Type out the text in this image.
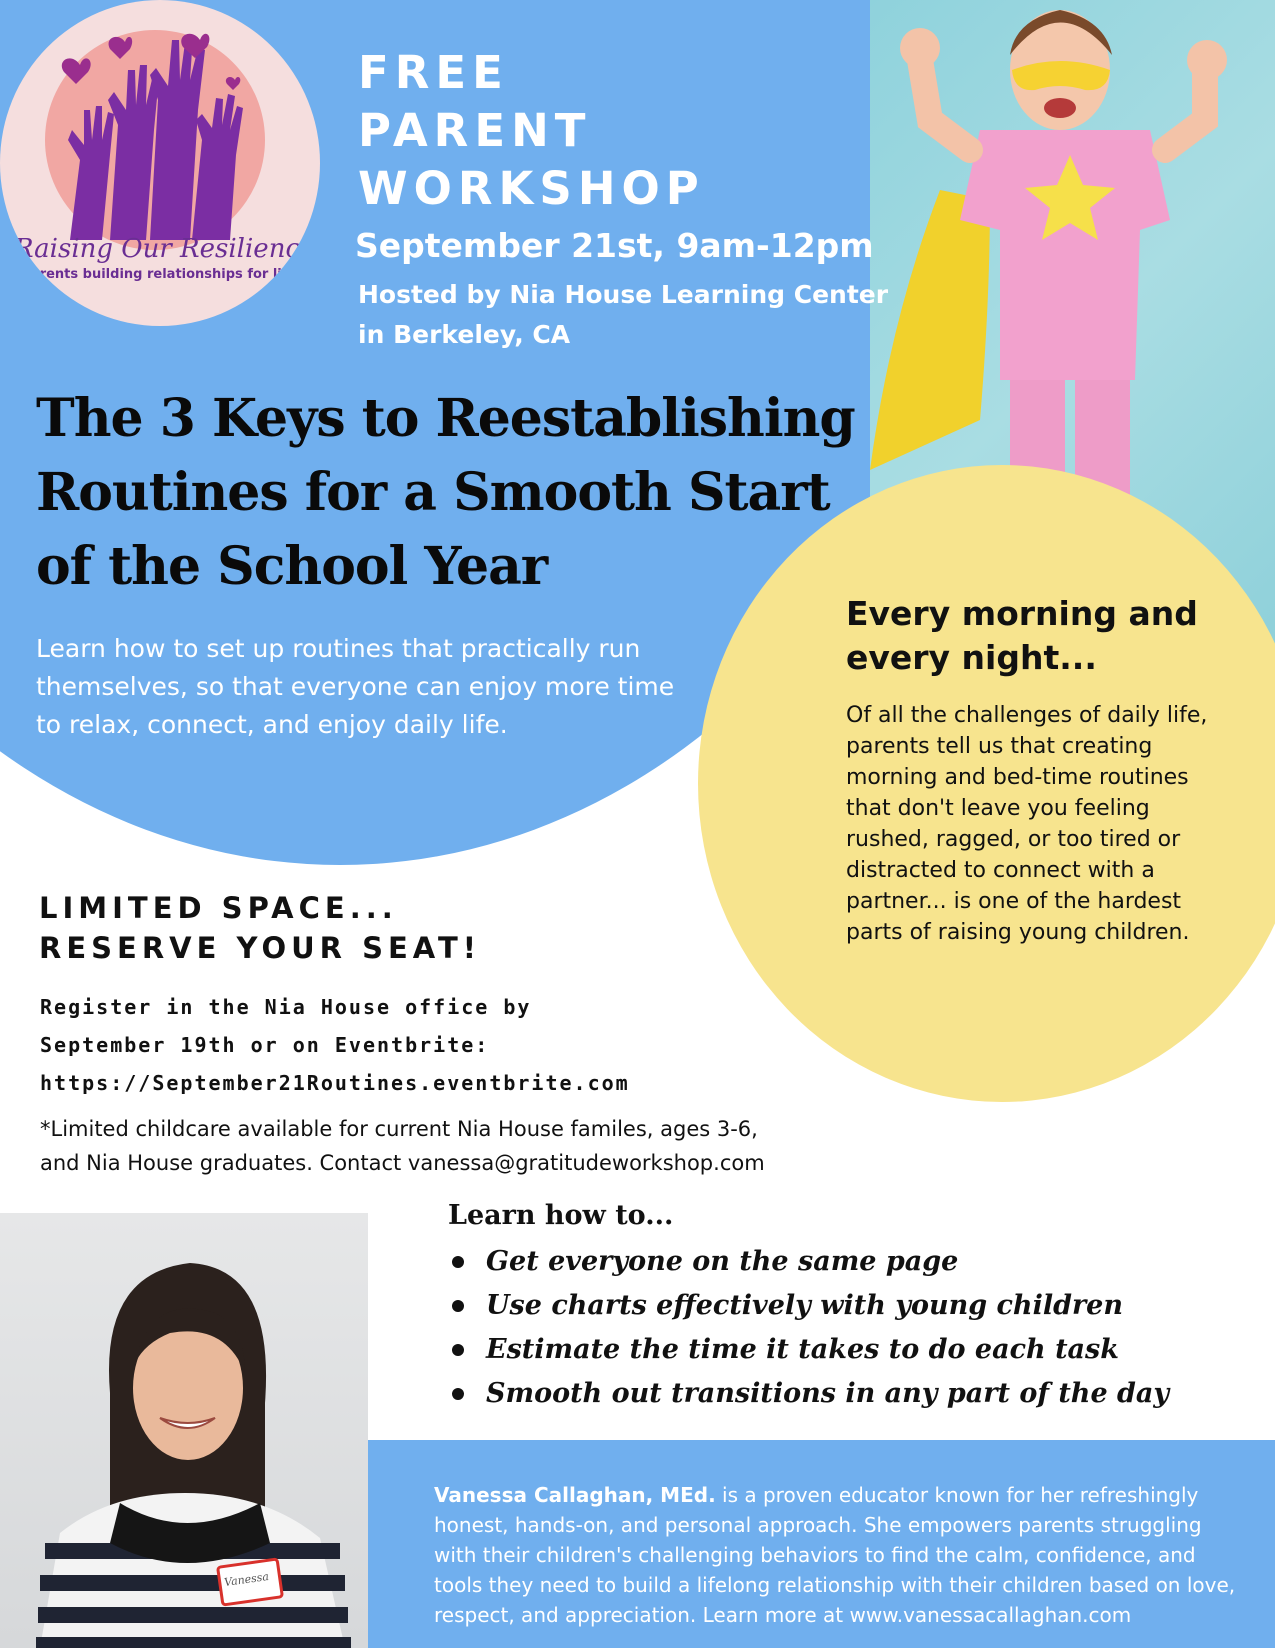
Raising Our Resilience
Parents building relationships for life
FREE
PARENT
WORKSHOP
September 21st, 9am-12pm
Hosted by Nia House Learning Center
in Berkeley, CA
The 3 Keys to Reestablishing Routines for a Smooth Start of the School Year
Learn how to set up routines that practically run themselves, so that everyone can enjoy more time to relax, connect, and enjoy daily life.
Every morning and every night...
Of all the challenges of daily life, parents tell us that creating morning and bed-time routines that don't leave you feeling rushed, ragged, or too tired or distracted to connect with a partner... is one of the hardest parts of raising young children.
LIMITED SPACE...
RESERVE YOUR SEAT!
Register in the Nia House office by
September 19th or on Eventbrite:
https://September21Routines.eventbrite.com
*Limited childcare available for current Nia House familes, ages 3-6,
and Nia House graduates. Contact vanessa@gratitudeworkshop.com
Vanessa
Learn how to...
Get everyone on the same page
Use charts effectively with young children
Estimate the time it takes to do each task
Smooth out transitions in any part of the day
Vanessa Callaghan, MEd. is a proven educator known for her refreshingly honest, hands-on, and personal approach. She empowers parents struggling with their children's challenging behaviors to find the calm, confidence, and tools they need to build a lifelong relationship with their children based on love, respect, and appreciation. Learn more at www.vanessacallaghan.com
